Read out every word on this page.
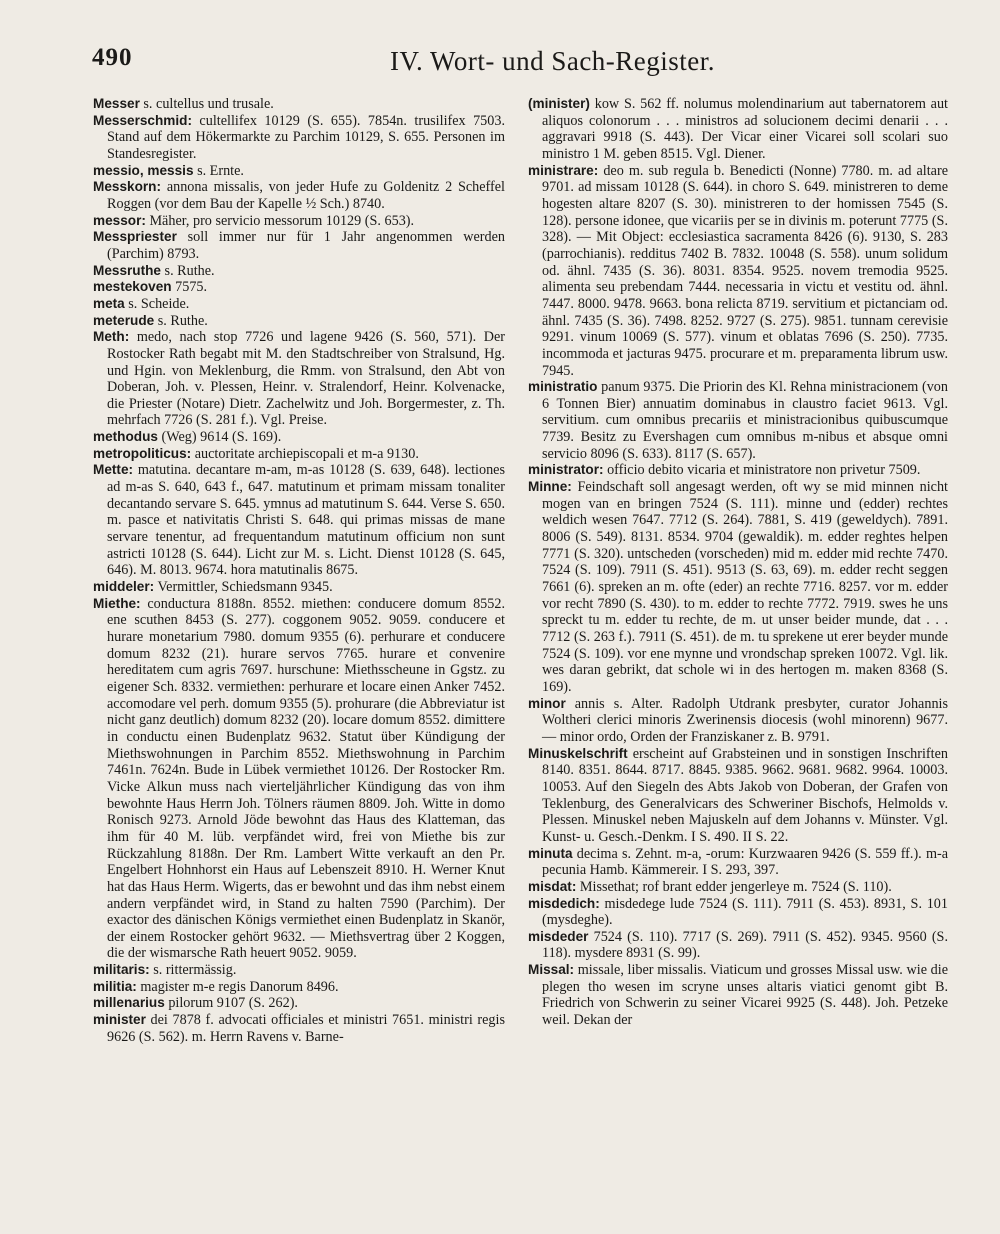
490	IV. Wort- und Sach-Register.

Messer s. cultellus und trusale.

Messerschmid: cultellifex 10129 (S. 655). 7854n. trusilifex 7503. Stand auf dem Hökermarkte zu Parchim 10129, S. 655. Personen im Standesregister.

messio, messis s. Ernte.

Messkorn: annona missalis, von jeder Hufe zu Goldenitz 2 Scheffel Roggen (vor dem Bau der Kapelle ½ Sch.) 8740.

messor: Mäher, pro servicio messorum 10129 (S. 653).

Messpriester soll immer nur für 1 Jahr angenommen werden (Parchim) 8793.

Messruthe s. Ruthe.

mestekoven 7575.

meta s. Scheide.

meterude s. Ruthe.

Meth: medo, nach stop 7726 und lagene 9426 (S. 560, 571). Der Rostocker Rath begabt mit M. den Stadtschreiber von Stralsund, Hg. und Hgin. von Meklenburg, die Rmm. von Stralsund, den Abt von Doberan, Joh. v. Plessen, Heinr. v. Stralendorf, Heinr. Kolvenacke, die Priester (Notare) Dietr. Zachelwitz und Joh. Borgermester, z. Th. mehrfach 7726 (S. 281 f.). Vgl. Preise.

methodus (Weg) 9614 (S. 169).

metropoliticus: auctoritate archiepiscopali et m-a 9130.

Mette: matutina. decantare m-am, m-as 10128 (S. 639, 648). lectiones ad m-as S. 640, 643 f., 647. matutinum et primam missam tonaliter decantando servare S. 645. ymnus ad matutinum S. 644. Verse S. 650. m. pasce et nativitatis Christi S. 648. qui primas missas de mane servare tenentur, ad frequentandum matutinum officium non sunt astricti 10128 (S. 644). Licht zur M. s. Licht. Dienst 10128 (S. 645, 646). M. 8013. 9674. hora matutinalis 8675.

middeler: Vermittler, Schiedsmann 9345.

Miethe: conductura 8188n. 8552. miethen: conducere domum 8552. ene scuthen 8453 (S. 277). coggonem 9052. 9059. conducere et hurare monetarium 7980. domum 9355 (6). perhurare et conducere domum 8232 (21). hurare servos 7765. hurare et convenire hereditatem cum agris 7697. hurschune: Miethsscheune in Ggstz. zu eigener Sch. 8332. vermiethen: perhurare et locare einen Anker 7452. accomodare vel perh. domum 9355 (5). prohurare (die Abbreviatur ist nicht ganz deutlich) domum 8232 (20). locare domum 8552. dimittere in conductu einen Budenplatz 9632. Statut über Kündigung der Miethswohnungen in Parchim 8552. Miethswohnung in Parchim 7461n. 7624n. Bude in Lübek vermiethet 10126. Der Rostocker Rm. Vicke Alkun muss nach vierteljährlicher Kündigung das von ihm bewohnte Haus Herrn Joh. Tölners räumen 8809. Joh. Witte in domo Ronisch 9273. Arnold Jöde bewohnt das Haus des Klatteman, das ihm für 40 M. lüb. verpfändet wird, frei von Miethe bis zur Rückzahlung 8188n. Der Rm. Lambert Witte verkauft an den Pr. Engelbert Hohnhorst ein Haus auf Lebenszeit 8910. H. Werner Knut hat das Haus Herm. Wigerts, das er bewohnt und das ihm nebst einem andern verpfändet wird, in Stand zu halten 7590 (Parchim). Der exactor des dänischen Königs vermiethet einen Budenplatz in Skanör, der einem Rostocker gehört 9632. — Miethsvertrag über 2 Koggen, die der wismarsche Rath heuert 9052. 9059.

militaris: s. rittermässig.

militia: magister m-e regis Danorum 8496.

millenarius pilorum 9107 (S. 262).

minister dei 7878 f. advocati officiales et ministri 7651. ministri regis 9626 (S. 562). m. Herrn Ravens v. Barne-

(minister) kow S. 562 ff. nolumus molendinarium aut tabernatorem aut aliquos colonorum . . . ministros ad solucionem decimi denarii . . . aggravari 9918 (S. 443). Der Vicar einer Vicarei soll scolari suo ministro 1 M. geben 8515. Vgl. Diener.

ministrare: deo m. sub regula b. Benedicti (Nonne) 7780. m. ad altare 9701. ad missam 10128 (S. 644). in choro S. 649. ministreren to deme hogesten altare 8207 (S. 30). ministreren to der homissen 7545 (S. 128). persone idonee, que vicariis per se in divinis m. poterunt 7775 (S. 328). — Mit Object: ecclesiastica sacramenta 8426 (6). 9130, S. 283 (parrochianis). redditus 7402 B. 7832. 10048 (S. 558). unum solidum od. ähnl. 7435 (S. 36). 8031. 8354. 9525. novem tremodia 9525. alimenta seu prebendam 7444. necessaria in victu et vestitu od. ähnl. 7447. 8000. 9478. 9663. bona relicta 8719. servitium et pictanciam od. ähnl. 7435 (S. 36). 7498. 8252. 9727 (S. 275). 9851. tunnam cerevisie 9291. vinum 10069 (S. 577). vinum et oblatas 7696 (S. 250). 7735. incommoda et jacturas 9475. procurare et m. preparamenta librum usw. 7945.

ministratio panum 9375. Die Priorin des Kl. Rehna ministracionem (von 6 Tonnen Bier) annuatim dominabus in claustro faciet 9613. Vgl. servitium. cum omnibus precariis et ministracionibus quibuscumque 7739. Besitz zu Evershagen cum omnibus m-nibus et absque omni servicio 8096 (S. 633). 8117 (S. 657).

ministrator: officio debito vicaria et ministratore non privetur 7509.

Minne: Feindschaft soll angesagt werden, oft wy se mid minnen nicht mogen van en bringen 7524 (S. 111). minne und (edder) rechtes weldich wesen 7647. 7712 (S. 264). 7881, S. 419 (geweldych). 7891. 8006 (S. 549). 8131. 8534. 9704 (gewaldik). m. edder reghtes helpen 7771 (S. 320). untscheden (vorscheden) mid m. edder mid rechte 7470. 7524 (S. 109). 7911 (S. 451). 9513 (S. 63, 69). m. edder recht seggen 7661 (6). spreken an m. ofte (eder) an rechte 7716. 8257. vor m. edder vor recht 7890 (S. 430). to m. edder to rechte 7772. 7919. swes he uns spreckt tu m. edder tu rechte, de m. ut unser beider munde, dat . . . 7712 (S. 263 f.). 7911 (S. 451). de m. tu sprekene ut erer beyder munde 7524 (S. 109). vor ene mynne und vrondschap spreken 10072. Vgl. lik. wes daran gebrikt, dat schole wi in des hertogen m. maken 8368 (S. 169).

minor annis s. Alter. Radolph Utdrank presbyter, curator Johannis Woltheri clerici minoris Zwerinensis diocesis (wohl minorenn) 9677. — minor ordo, Orden der Franziskaner z. B. 9791.

Minuskelschrift erscheint auf Grabsteinen und in sonstigen Inschriften 8140. 8351. 8644. 8717. 8845. 9385. 9662. 9681. 9682. 9964. 10003. 10053. Auf den Siegeln des Abts Jakob von Doberan, der Grafen von Teklenburg, des Generalvicars des Schweriner Bischofs, Helmolds v. Plessen. Minuskel neben Majuskeln auf dem Johanns v. Münster. Vgl. Kunst- u. Gesch.-Denkm. I S. 490. II S. 22.

minuta decima s. Zehnt. m-a, -orum: Kurzwaaren 9426 (S. 559 ff.). m-a pecunia Hamb. Kämmereir. I S. 293, 397.

misdat: Missethat; rof brant edder jengerleye m. 7524 (S. 110).

misdedich: misdedege lude 7524 (S. 111). 7911 (S. 453). 8931, S. 101 (mysdeghe).

misdeder 7524 (S. 110). 7717 (S. 269). 7911 (S. 452). 9345. 9560 (S. 118). mysdere 8931 (S. 99).

Missal: missale, liber missalis. Viaticum und grosses Missal usw. wie die plegen tho wesen im scryne unses altaris viatici genomt gibt B. Friedrich von Schwerin zu seiner Vicarei 9925 (S. 448). Joh. Petzeke weil. Dekan der
